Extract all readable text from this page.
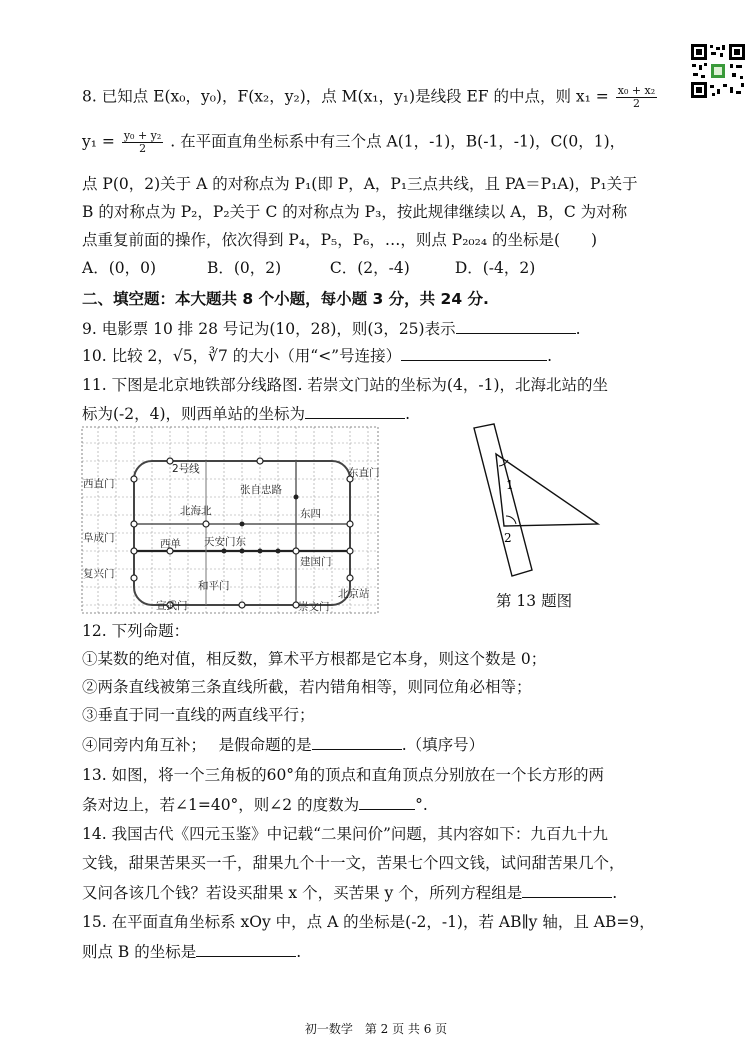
8. 已知点 E(x₀，y₀)，F(x₂，y₂)，点 M(x₁，y₁)是线段 EF 的中点，则 $x_1 = \frac{\text{x₀ + x₂}}{2}$
$y_1 = \frac{\text{y₀ + y₂}}{2}$ . 在平面直角坐标系中有三个点 A(1，-1)，B(-1，-1)，C(0，1)，
点 P(0，2)关于 A 的对称点为 P₁(即 P，A，P₁三点共线，且 PA＝P₁A)，P₁关于
B 的对称点为 P₂，P₂关于 C 的对称点为 P₃，按此规律继续以 A，B，C 为对称
点重复前面的操作，依次得到 P₄，P₅，P₆，…，则点 P₂₀₂₄ 的坐标是(　　)
A．(0，0)	B．(0，2)	C．(2，-4)	D．(-4，2)
二、填空题：本大题共 8 个小题，每小题 3 分，共 24 分.
9. 电影票 10 排 28 号记为(10，28)，则(3，25)表示	.
10. 比较 2，√5，∛7 的大小（用“<”号连接）	.
11. 下图是北京地铁部分线路图. 若崇文门站的坐标为(4，-1)，北海北站的坐
标为(-2，4)，则西单站的坐标为	.
西直门
2号线	东直门
张自忠路
北海北	东四
阜成门	西单 天安门东
建国门
复兴门
和平门
宣武门	崇文门
北京站
1
2
第 13 题图
12. 下列命题：
①某数的绝对值，相反数，算术平方根都是它本身，则这个数是 0；
②两条直线被第三条直线所截，若内错角相等，则同位角必相等；
③垂直于同一直线的两直线平行；
④同旁内角互补；　 是假命题的是	.（填序号）
13. 如图，将一个三角板的60°角的顶点和直角顶点分别放在一个长方形的两
条对边上，若∠1=40°，则∠2 的度数为	°.
14. 我国古代《四元玉鉴》中记载“二果问价”问题，其内容如下：九百九十九
文钱，甜果苦果买一千，甜果九个十一文，苦果七个四文钱，试问甜苦果几个，
又问各该几个钱？若设买甜果 x 个，买苦果 y 个，所列方程组是	.
15. 在平面直角坐标系 xOy 中，点 A 的坐标是(-2，-1)，若 AB∥y 轴，且 AB=9，
则点 B 的坐标是	.
初一数学　第 2 页 共 6 页
